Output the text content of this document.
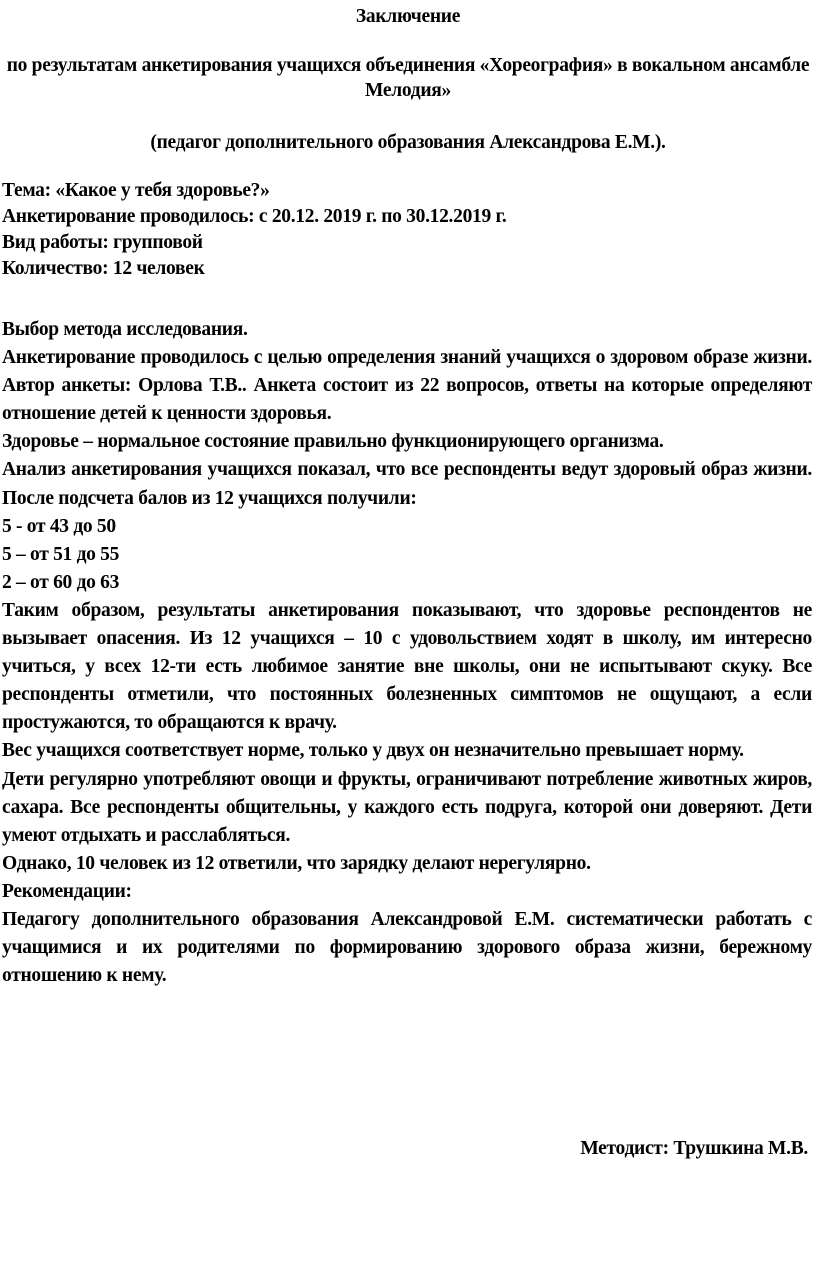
Заключение
по результатам анкетирования учащихся объединения «Хореография» в вокальном ансамбле Мелодия»
(педагог дополнительного образования Александрова Е.М.).
Тема: «Какое у тебя здоровье?»
Анкетирование проводилось: с 20.12. 2019 г. по 30.12.2019 г.
Вид работы: групповой
Количество: 12 человек

Выбор метода исследования.

Анкетирование проводилось с целью определения знаний учащихся о здоровом образе жизни. Автор анкеты: Орлова Т.В.. Анкета состоит из 22 вопросов, ответы на которые определяют отношение детей к ценности здоровья.

Здоровье – нормальное состояние правильно функционирующего организма.

Анализ анкетирования учащихся показал, что все респонденты ведут здоровый образ жизни. После подсчета балов из 12 учащихся получили:

5 - от 43 до 50

5 – от 51 до 55

2 – от 60 до 63

Таким образом, результаты анкетирования показывают, что здоровье респондентов не вызывает опасения. Из 12 учащихся – 10 с удовольствием ходят в школу, им интересно учиться, у всех 12-ти есть любимое занятие вне школы, они не испытывают скуку. Все респонденты отметили, что постоянных болезненных симптомов не ощущают, а если простужаются, то обращаются к врачу.

Вес учащихся соответствует норме, только у двух он незначительно превышает норму.

Дети регулярно употребляют овощи и фрукты, ограничивают потребление животных жиров, сахара. Все респонденты общительны, у каждого есть подруга, которой они доверяют. Дети умеют отдыхать и расслабляться.

Однако, 10 человек из 12 ответили, что зарядку делают нерегулярно.

Рекомендации:

Педагогу дополнительного образования Александровой Е.М. систематически работать с учащимися и их родителями по формированию здорового образа жизни, бережному отношению к нему.

Методист: Трушкина М.В.
